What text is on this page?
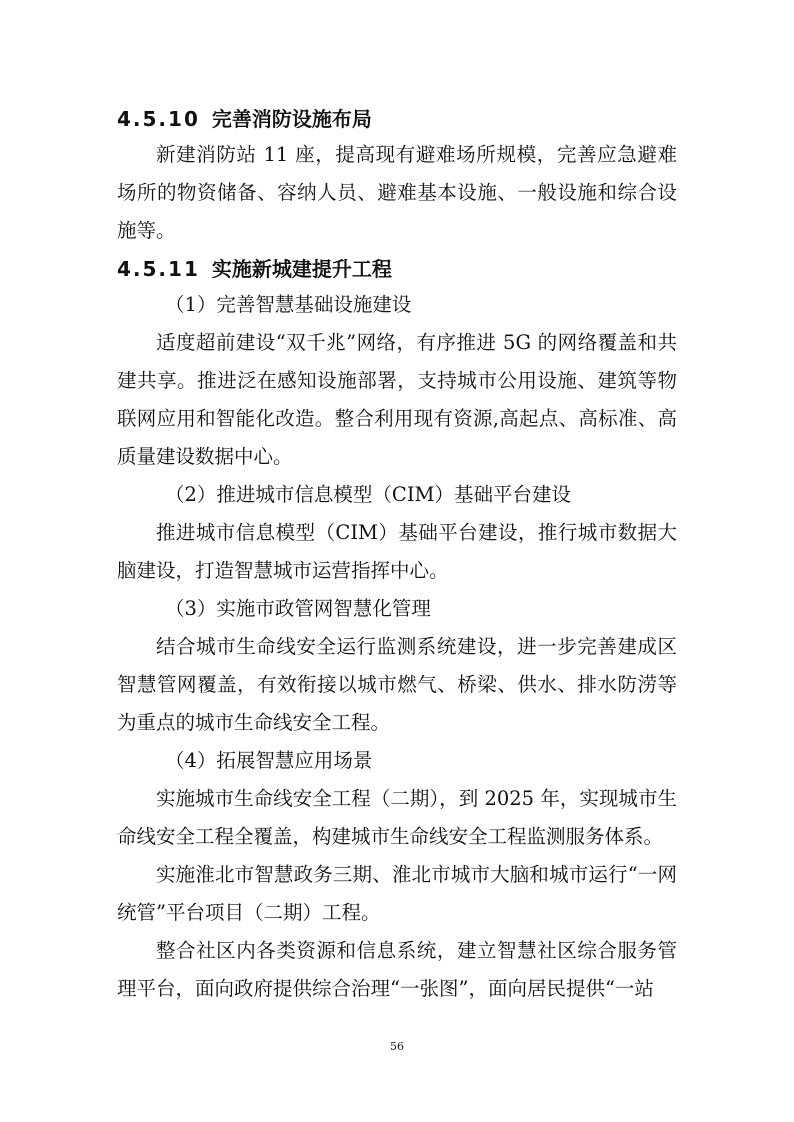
4.5.10 完善消防设施布局

新建消防站 11 座，提高现有避难场所规模，完善应急避难场所的物资储备、容纳人员、避难基本设施、一般设施和综合设施等。

4.5.11 实施新城建提升工程

（1）完善智慧基础设施建设

适度超前建设“双千兆”网络，有序推进 5G 的网络覆盖和共建共享。推进泛在感知设施部署，支持城市公用设施、建筑等物联网应用和智能化改造。整合利用现有资源,高起点、高标准、高质量建设数据中心。

（2）推进城市信息模型（CIM）基础平台建设

推进城市信息模型（CIM）基础平台建设，推行城市数据大脑建设，打造智慧城市运营指挥中心。

（3）实施市政管网智慧化管理

结合城市生命线安全运行监测系统建设，进一步完善建成区智慧管网覆盖，有效衔接以城市燃气、桥梁、供水、排水防涝等为重点的城市生命线安全工程。

（4）拓展智慧应用场景

实施城市生命线安全工程（二期），到 2025 年，实现城市生命线安全工程全覆盖，构建城市生命线安全工程监测服务体系。

实施淮北市智慧政务三期、淮北市城市大脑和城市运行“一网统管”平台项目（二期）工程。

整合社区内各类资源和信息系统，建立智慧社区综合服务管理平台，面向政府提供综合治理“一张图”，面向居民提供“一站

56
